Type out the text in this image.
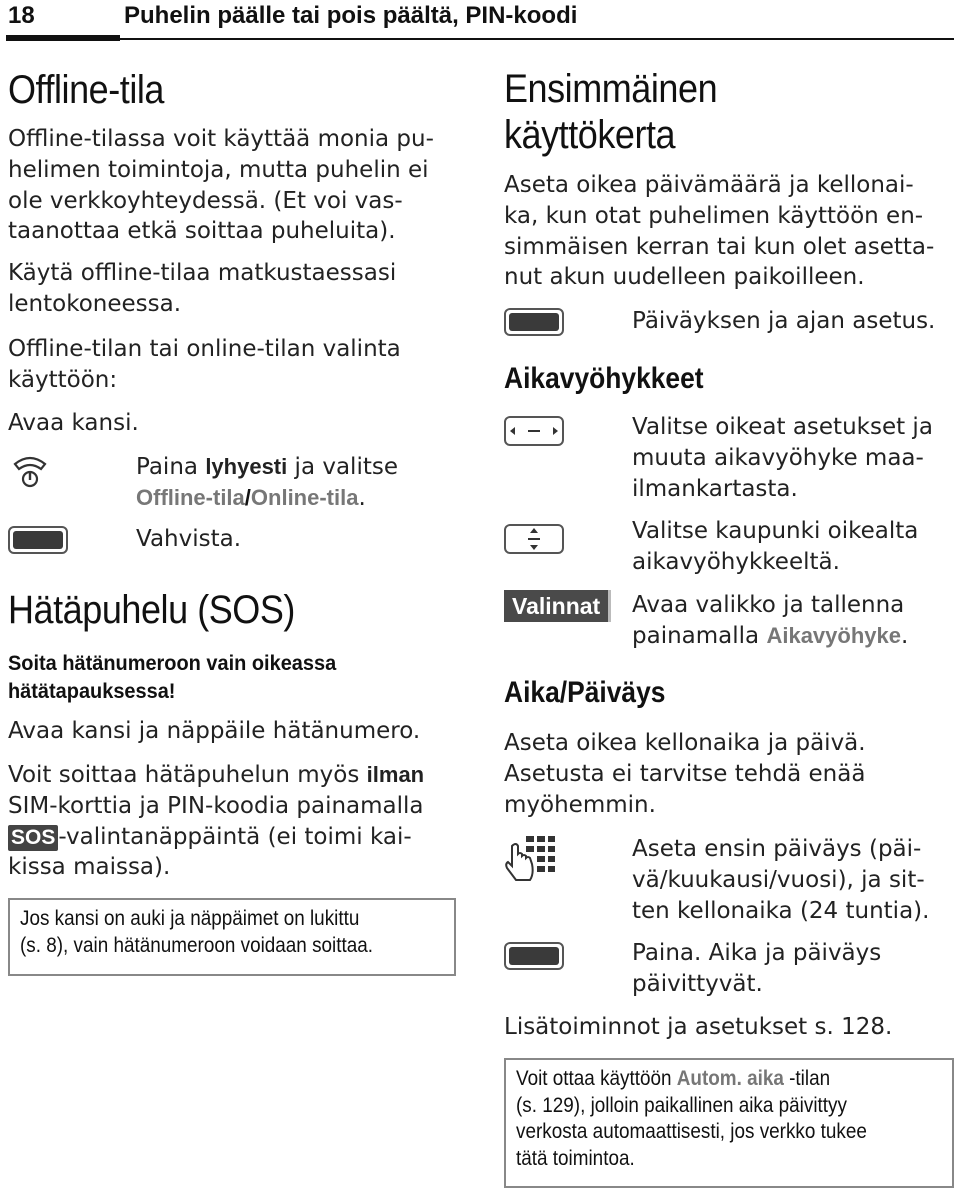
18	Puhelin päälle tai pois päältä, PIN-koodi
Offline-tila
Offline-tilassa voit käyttää monia pu-
helimen toimintoja, mutta puhelin ei
ole verkkoyhteydessä. (Et voi vas-
taanottaa etkä soittaa puheluita).
Käytä offline-tilaa matkustaessasi
lentokoneessa.
Offline-tilan tai online-tilan valinta
käyttöön:
Avaa kansi.
Paina lyhyesti ja valitse
Offline-tila/Online-tila.
Vahvista.
Hätäpuhelu (SOS)
Soita hätänumeroon vain oikeassa
hätätapauksessa!
Avaa kansi ja näppäile hätänumero.
Voit soittaa hätäpuhelun myös ilman
SIM-korttia ja PIN-koodia painamalla
SOS -valintanäppäintä (ei toimi kai-
kissa maissa).
Jos kansi on auki ja näppäimet on lukittu
(s. 8), vain hätänumeroon voidaan soittaa.
Ensimmäinen
käyttökerta
Aseta oikea päivämäärä ja kellonai-
ka, kun otat puhelimen käyttöön en-
simmäisen kerran tai kun olet asetta-
nut akun uudelleen paikoilleen.
Päiväyksen ja ajan asetus.
Aikavyöhykkeet
Valitse oikeat asetukset ja
muuta aikavyöhyke maa-
ilmankartasta.
Valitse kaupunki oikealta
aikavyöhykkeeltä.
Valinnat	Avaa valikko ja tallenna
painamalla Aikavyöhyke.
Aika/Päiväys
Aseta oikea kellonaika ja päivä.
Asetusta ei tarvitse tehdä enää
myöhemmin.
Aseta ensin päiväys (päi-
vä/kuukausi/vuosi), ja sit-
ten kellonaika (24 tuntia).
Paina. Aika ja päiväys
päivittyvät.
Lisätoiminnot ja asetukset s. 128.
Voit ottaa käyttöön Autom. aika -tilan
(s. 129), jolloin paikallinen aika päivittyy
verkosta automaattisesti, jos verkko tukee
tätä toimintoa.
